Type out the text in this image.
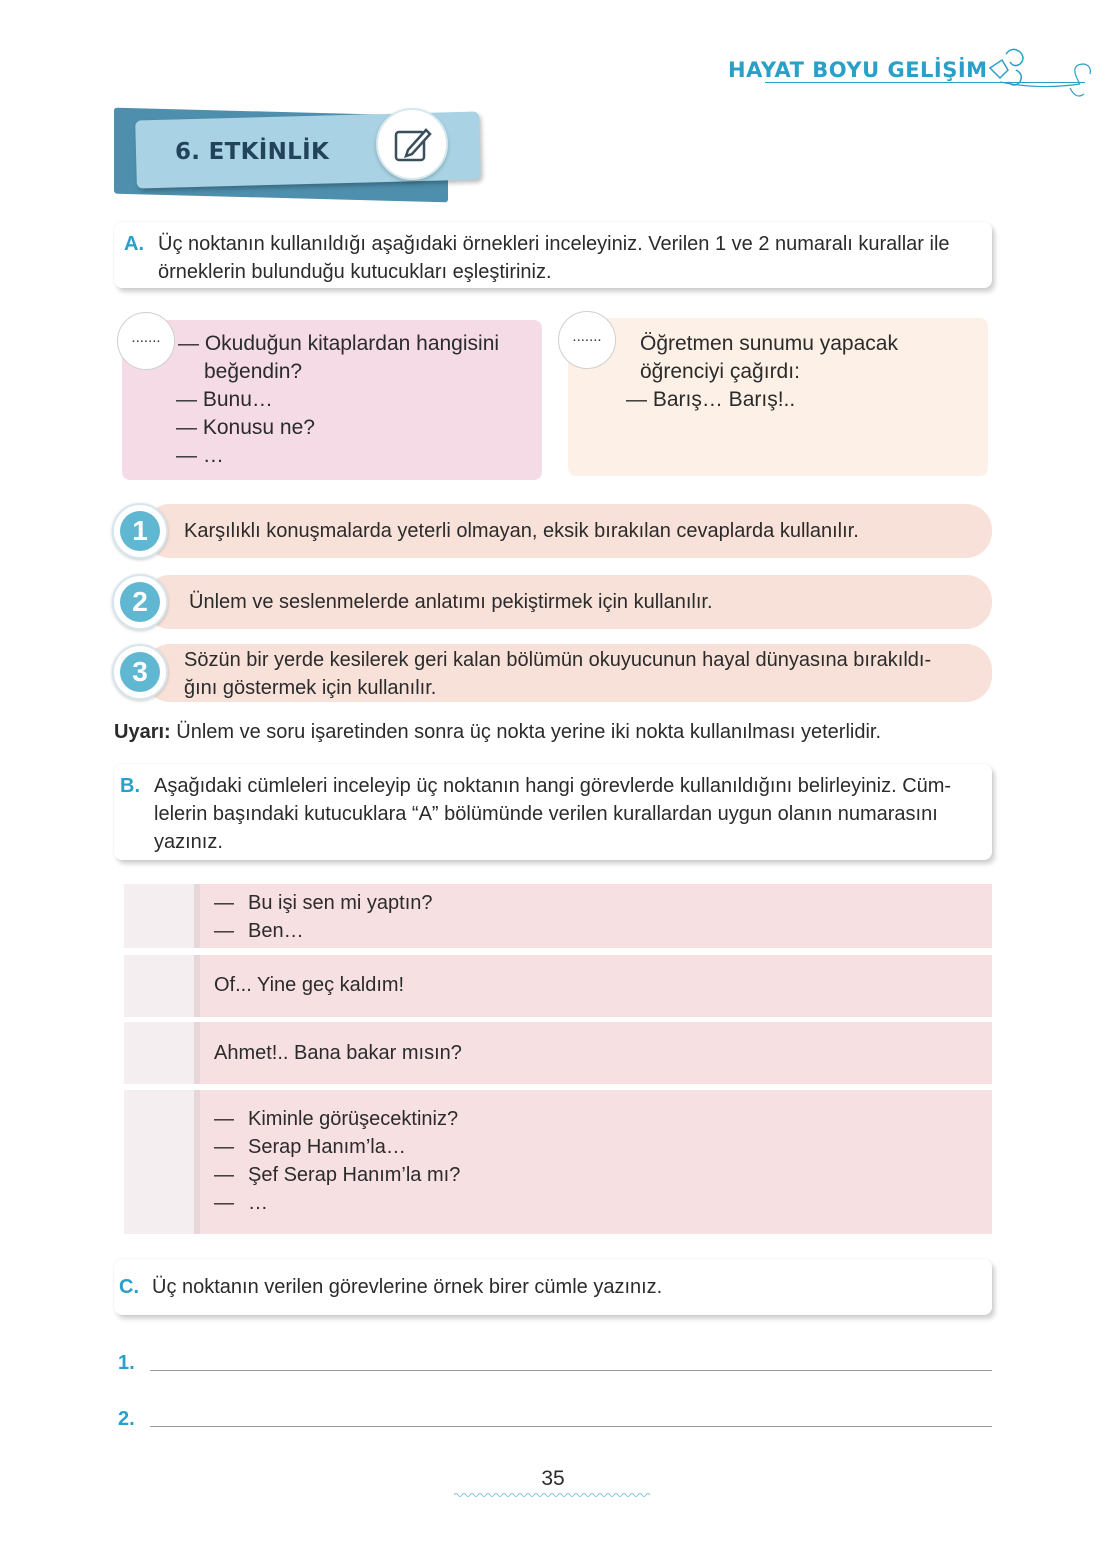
HAYAT BOYU GELİŞİM
6. ETKİNLİK
A. Üç noktanın kullanıldığı aşağıdaki örnekleri inceleyiniz. Verilen 1 ve 2 numaralı kurallar ile
örneklerin bulunduğu kutucukları eşleştiriniz.
— Okuduğun kitaplardan hangisini
beğendin?
— Bunu…
— Konusu ne?
— …
.......	Öğretmen sunumu yapacak
öğrenciyi çağırdı:
— Barış… Barış!..
.......
Karşılıklı konuşmalarda yeterli olmayan, eksik bırakılan cevaplarda kullanılır.
1
Ünlem ve seslenmelerde anlatımı pekiştirmek için kullanılır.
2
Sözün bir yerde kesilerek geri kalan bölümün okuyucunun hayal dünyasına bırakıldı-
ğını göstermek için kullanılır.
3
Uyarı: Ünlem ve soru işaretinden sonra üç nokta yerine iki nokta kullanılması yeterlidir.
B. Aşağıdaki cümleleri inceleyip üç noktanın hangi görevlerde kullanıldığını belirleyiniz. Cüm-
lelerin başındaki kutucuklara “A” bölümünde verilen kurallardan uygun olanın numarasını
yazınız.
— Bu işi sen mi yaptın?
— Ben…
Of... Yine geç kaldım!
Ahmet!.. Bana bakar mısın?
— Kiminle görüşecektiniz?
— Serap Hanım’la…
— Şef Serap Hanım’la mı?
— …
C. Üç noktanın verilen görevlerine örnek birer cümle yazınız.
1.
2.
35
